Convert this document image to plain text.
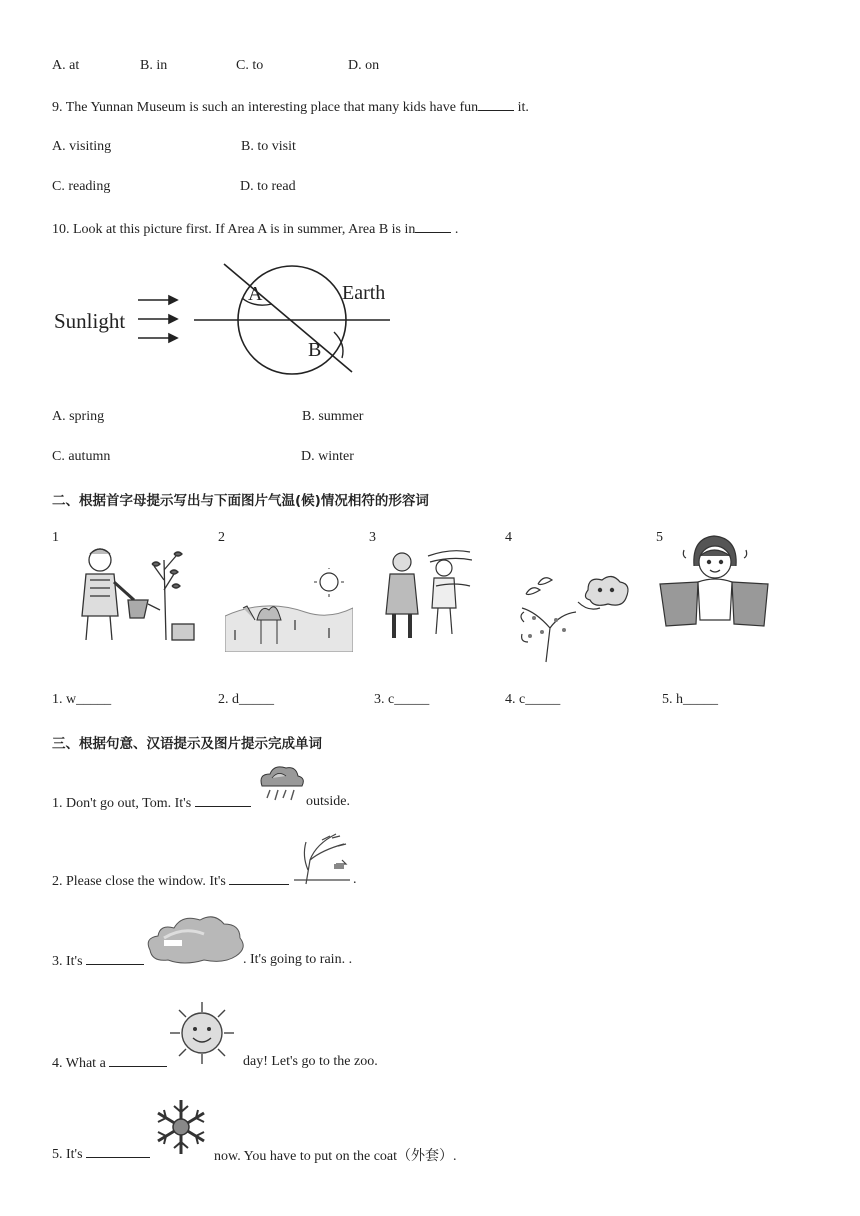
A. at	B. in	C. to	D. on
9. The Yunnan Museum is such an interesting place that many kids have fun	it.
A. visiting	B. to visit
C. reading	D. to read
10. Look at this picture first. If Area A is in summer, Area B is in	.
Sunlight
A
B
Earth
A. spring	B. summer
C. autumn	D. winter
二、根据首字母提示写出与下面图片气温(候)情况相符的形容词
1	2	3	4	5
1. w_____	2. d_____	3. c_____	4. c_____	5. h_____
三、根据句意、汉语提示及图片提示完成单词
1. Don't go out, Tom. It's	outside.
2. Please close the window. It's	.
3. It's	. It's going to rain. .
4. What a	day! Let's go to the zoo.
5. It's	now. You have to put on the coat（外套）.
